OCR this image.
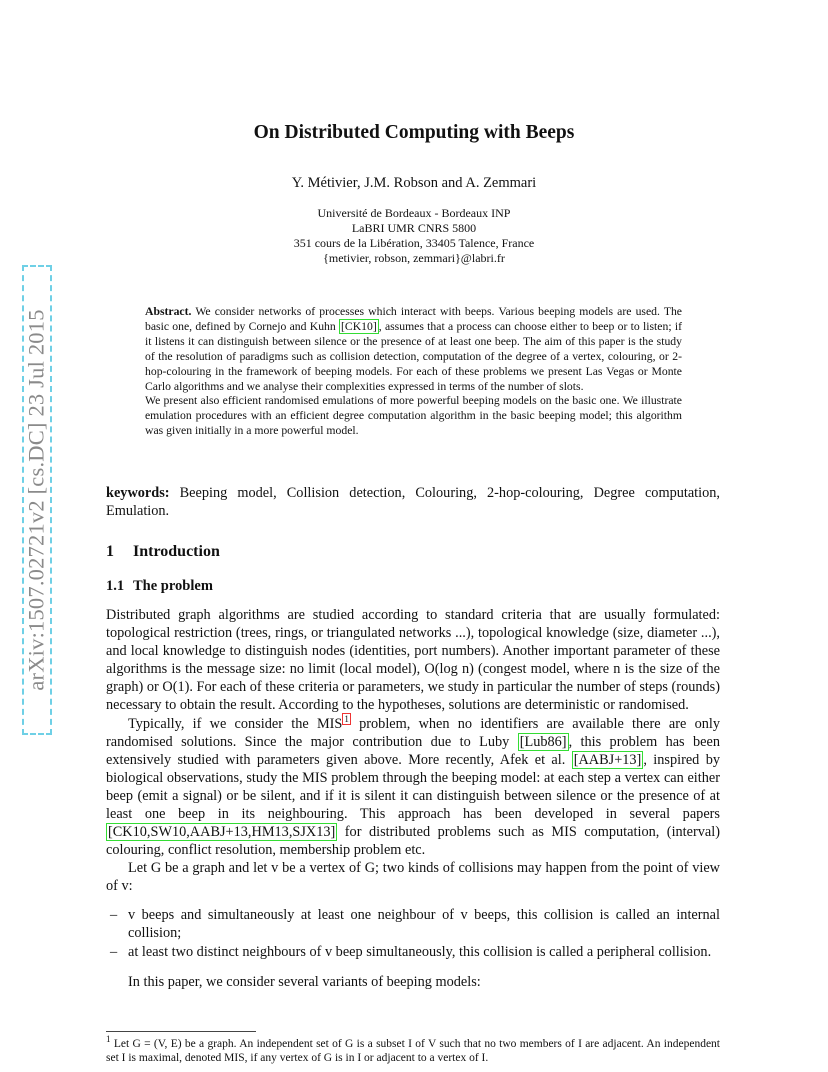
arXiv:1507.02721v2 [cs.DC] 23 Jul 2015
On Distributed Computing with Beeps
Y. Métivier, J.M. Robson and A. Zemmari
Université de Bordeaux - Bordeaux INP
LaBRI UMR CNRS 5800
351 cours de la Libération, 33405 Talence, France
{metivier, robson, zemmari}@labri.fr

Abstract. We consider networks of processes which interact with beeps. Various beeping models are used. The basic one, defined by Cornejo and Kuhn [CK10] , assumes that a process can choose either to beep or to listen; if it listens it can distinguish between silence or the presence of at least one beep. The aim of this paper is the study of the resolution of paradigms such as collision detection, computation of the degree of a vertex, colouring, or 2-hop-colouring in the framework of beeping models. For each of these problems we present Las Vegas or Monte Carlo algorithms and we analyse their complexities expressed in terms of the number of slots.

We present also efficient randomised emulations of more powerful beeping models on the basic one. We illustrate emulation procedures with an efficient degree computation algorithm in the basic beeping model; this algorithm was given initially in a more powerful model.

keywords: Beeping model, Collision detection, Colouring, 2-hop-colouring, Degree computation, Emulation.
1 Introduction
1.1 The problem

Distributed graph algorithms are studied according to standard criteria that are usually formulated: topological restriction (trees, rings, or triangulated networks ...), topological knowledge (size, diameter ...), and local knowledge to distinguish nodes (identities, port numbers). Another important parameter of these algorithms is the message size: no limit (local model), O(log n) (congest model, where n is the size of the graph) or O(1). For each of these criteria or parameters, we study in particular the number of steps (rounds) necessary to obtain the result. According to the hypotheses, solutions are deterministic or randomised.

Typically, if we consider the MIS $^1$ problem, when no identifiers are available there are only randomised solutions. Since the major contribution due to Luby [Lub86] , this problem has been extensively studied with parameters given above. More recently, Afek et al. [AABJ+13] , inspired by biological observations, study the MIS problem through the beeping model: at each step a vertex can either beep (emit a signal) or be silent, and if it is silent it can distinguish between silence or the presence of at least one beep in its neighbouring. This approach has been developed in several papers [CK10,SW10,AABJ+13,HM13,SJX13] for distributed problems such as MIS computation, (interval) colouring, conflict resolution, membership problem etc.

Let G be a graph and let v be a vertex of G; two kinds of collisions may happen from the point of view of v:

– v beeps and simultaneously at least one neighbour of v beeps, this collision is called an internal collision;
– at least two distinct neighbours of v beep simultaneously, this collision is called a peripheral collision.

In this paper, we consider several variants of beeping models:

$^1$ Let G = (V, E) be a graph. An independent set of G is a subset I of V such that no two members of I are adjacent. An independent set I is maximal, denoted MIS, if any vertex of G is in I or adjacent to a vertex of I.
